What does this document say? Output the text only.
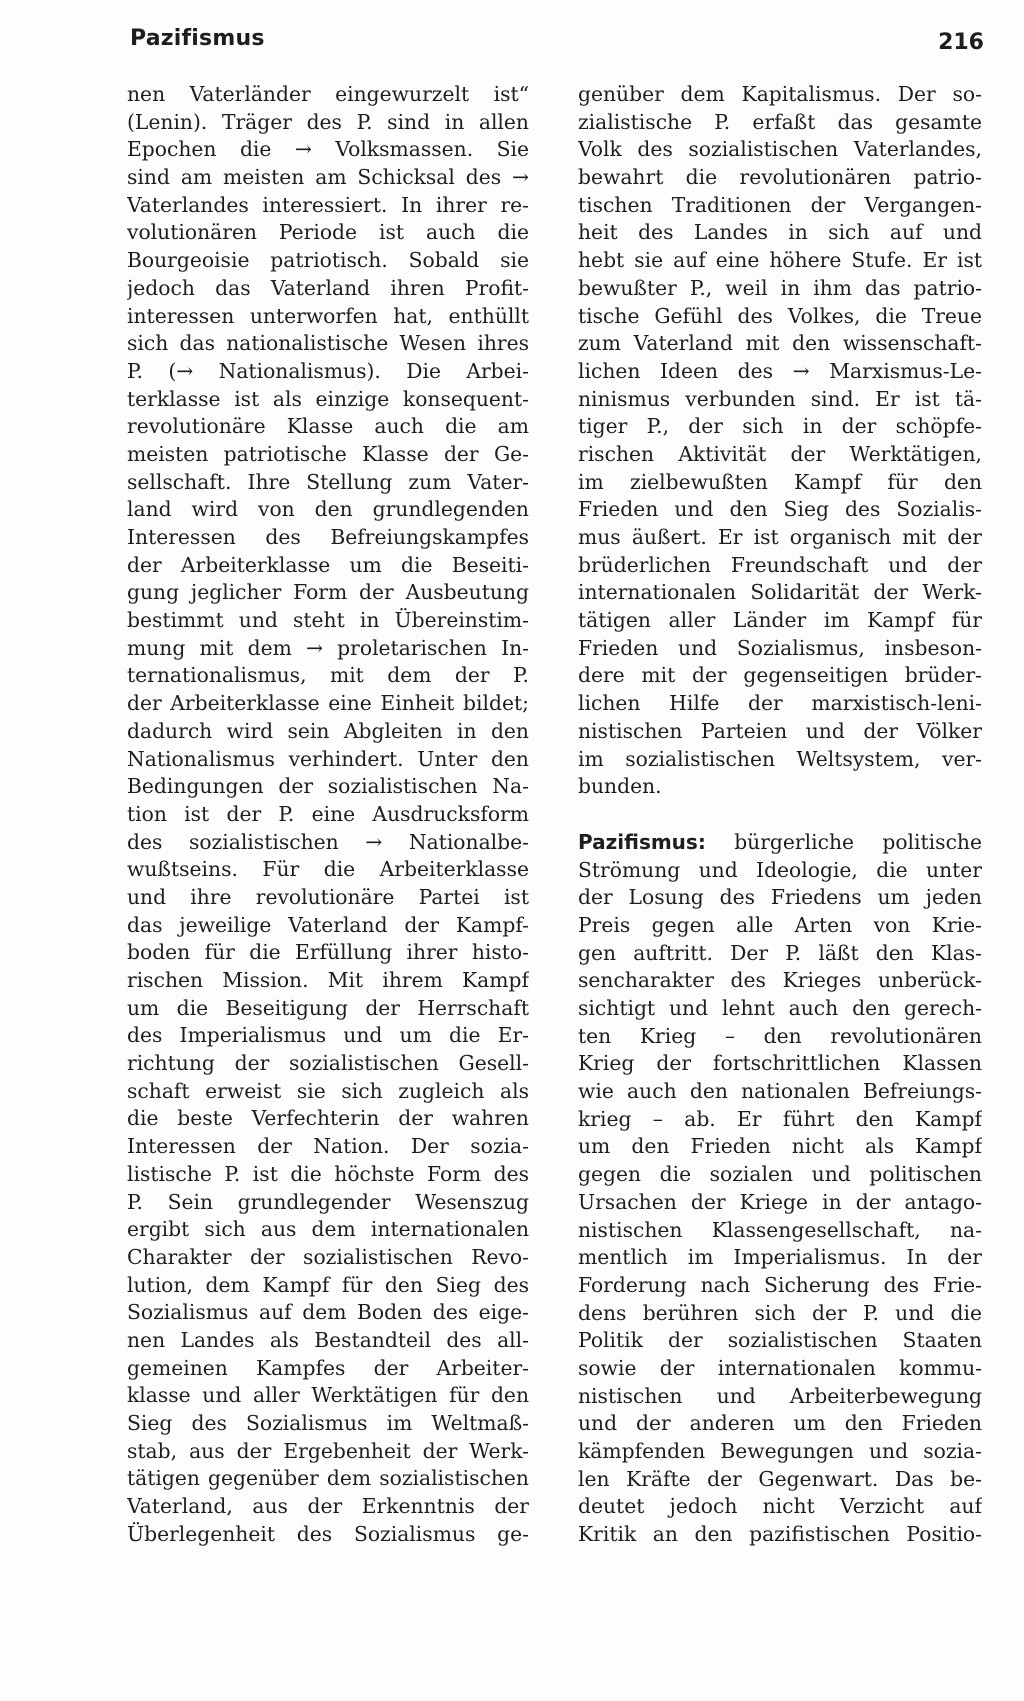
Pazifismus	216
nen Vaterländer eingewurzelt ist“
(Lenin). Träger des P. sind in allen
Epochen die → Volksmassen. Sie
sind am meisten am Schicksal des →
Vaterlandes interessiert. In ihrer re-
volutionären Periode ist auch die
Bourgeoisie patriotisch. Sobald sie
jedoch das Vaterland ihren Profit-
interessen unterworfen hat, enthüllt
sich das nationalistische Wesen ihres
P. (→ Nationalismus). Die Arbei-
terklasse ist als einzige konsequent-
revolutionäre Klasse auch die am
meisten patriotische Klasse der Ge-
sellschaft. Ihre Stellung zum Vater-
land wird von den grundlegenden
Interessen des Befreiungskampfes
der Arbeiterklasse um die Beseiti-
gung jeglicher Form der Ausbeutung
bestimmt und steht in Übereinstim-
mung mit dem → proletarischen In-
ternationalismus, mit dem der P.
der Arbeiterklasse eine Einheit bildet;
dadurch wird sein Abgleiten in den
Nationalismus verhindert. Unter den
Bedingungen der sozialistischen Na-
tion ist der P. eine Ausdrucksform
des sozialistischen → Nationalbe-
wußtseins. Für die Arbeiterklasse
und ihre revolutionäre Partei ist
das jeweilige Vaterland der Kampf-
boden für die Erfüllung ihrer histo-
rischen Mission. Mit ihrem Kampf
um die Beseitigung der Herrschaft
des Imperialismus und um die Er-
richtung der sozialistischen Gesell-
schaft erweist sie sich zugleich als
die beste Verfechterin der wahren
Interessen der Nation. Der sozia-
listische P. ist die höchste Form des
P. Sein grundlegender Wesenszug
ergibt sich aus dem internationalen
Charakter der sozialistischen Revo-
lution, dem Kampf für den Sieg des
Sozialismus auf dem Boden des eige-
nen Landes als Bestandteil des all-
gemeinen Kampfes der Arbeiter-
klasse und aller Werktätigen für den
Sieg des Sozialismus im Weltmaß-
stab, aus der Ergebenheit der Werk-
tätigen gegenüber dem sozialistischen
Vaterland, aus der Erkenntnis der
Überlegenheit des Sozialismus ge-
genüber dem Kapitalismus. Der so-
zialistische P. erfaßt das gesamte
Volk des sozialistischen Vaterlandes,
bewahrt die revolutionären patrio-
tischen Traditionen der Vergangen-
heit des Landes in sich auf und
hebt sie auf eine höhere Stufe. Er ist
bewußter P., weil in ihm das patrio-
tische Gefühl des Volkes, die Treue
zum Vaterland mit den wissenschaft-
lichen Ideen des → Marxismus-Le-
ninismus verbunden sind. Er ist tä-
tiger P., der sich in der schöpfe-
rischen Aktivität der Werktätigen,
im zielbewußten Kampf für den
Frieden und den Sieg des Sozialis-
mus äußert. Er ist organisch mit der
brüderlichen Freundschaft und der
internationalen Solidarität der Werk-
tätigen aller Länder im Kampf für
Frieden und Sozialismus, insbeson-
dere mit der gegenseitigen brüder-
lichen Hilfe der marxistisch-leni-
nistischen Parteien und der Völker
im sozialistischen Weltsystem, ver-
bunden.
Pazifismus: bürgerliche politische
Strömung und Ideologie, die unter
der Losung des Friedens um jeden
Preis gegen alle Arten von Krie-
gen auftritt. Der P. läßt den Klas-
sencharakter des Krieges unberück-
sichtigt und lehnt auch den gerech-
ten Krieg – den revolutionären
Krieg der fortschrittlichen Klassen
wie auch den nationalen Befreiungs-
krieg – ab. Er führt den Kampf
um den Frieden nicht als Kampf
gegen die sozialen und politischen
Ursachen der Kriege in der antago-
nistischen Klassengesellschaft, na-
mentlich im Imperialismus. In der
Forderung nach Sicherung des Frie-
dens berühren sich der P. und die
Politik der sozialistischen Staaten
sowie der internationalen kommu-
nistischen und Arbeiterbewegung
und der anderen um den Frieden
kämpfenden Bewegungen und sozia-
len Kräfte der Gegenwart. Das be-
deutet jedoch nicht Verzicht auf
Kritik an den pazifistischen Positio-
